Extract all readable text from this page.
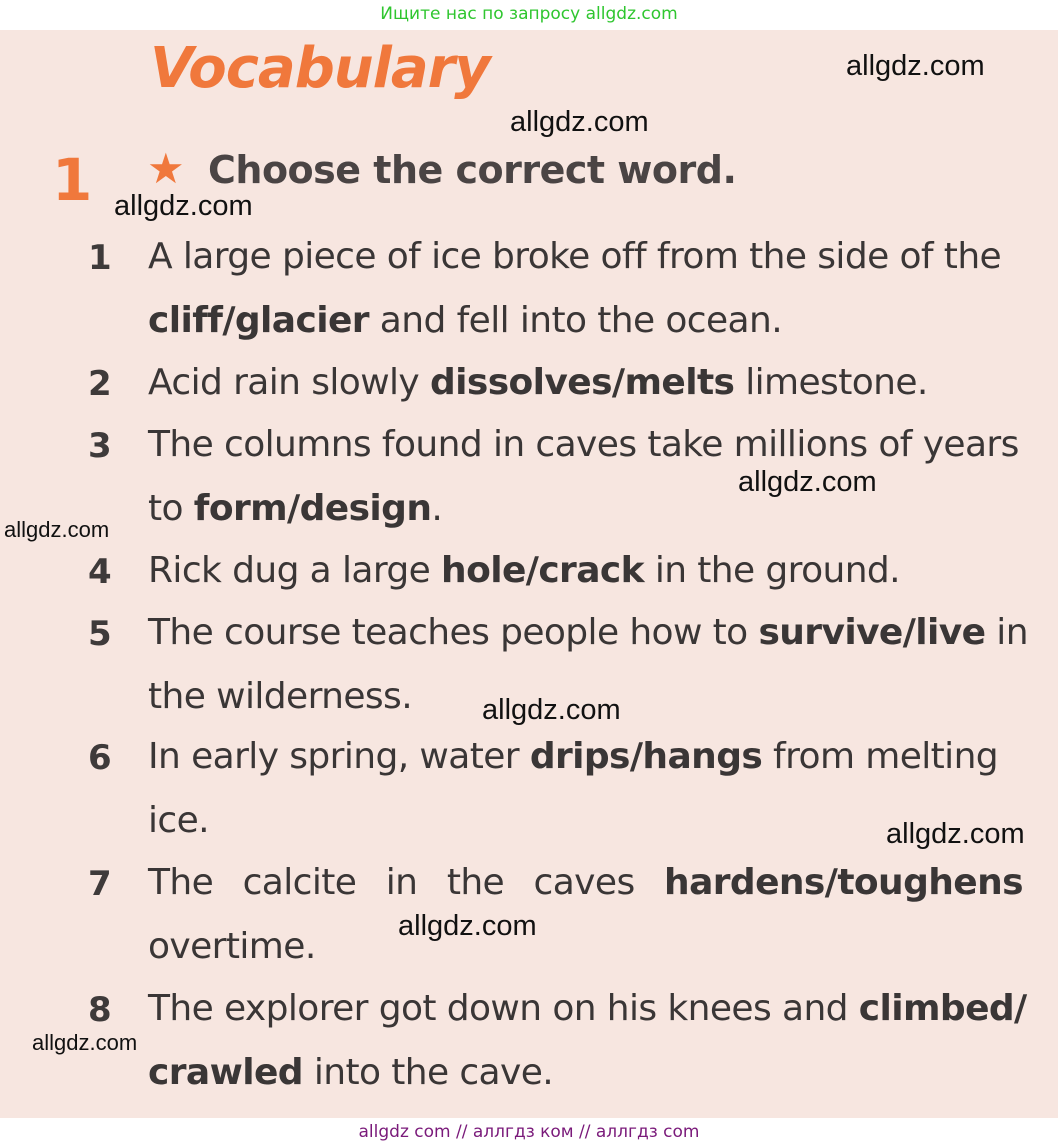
Ищите нас по запросу allgdz.com
Vocabulary
1 ★ Choose the correct word.
1 A large piece of ice broke off from the side of the
cliff/glacier and fell into the ocean.
2 Acid rain slowly dissolves/melts limestone.
3 The columns found in caves take millions of years
to form/design.
4 Rick dug a large hole/crack in the ground.
5 The course teaches people how to survive/live in
the wilderness.
6 In early spring, water drips/hangs from melting
ice.
7 The calcite in the caves hardens/toughens
overtime.
8 The explorer got down on his knees and climbed/
crawled into the cave.
allgdz.com
allgdz.com
allgdz.com
allgdz.com
allgdz.com
allgdz.com
allgdz.com
allgdz.com
allgdz.com
allgdz com // аллгдз ком // аллгдз com
